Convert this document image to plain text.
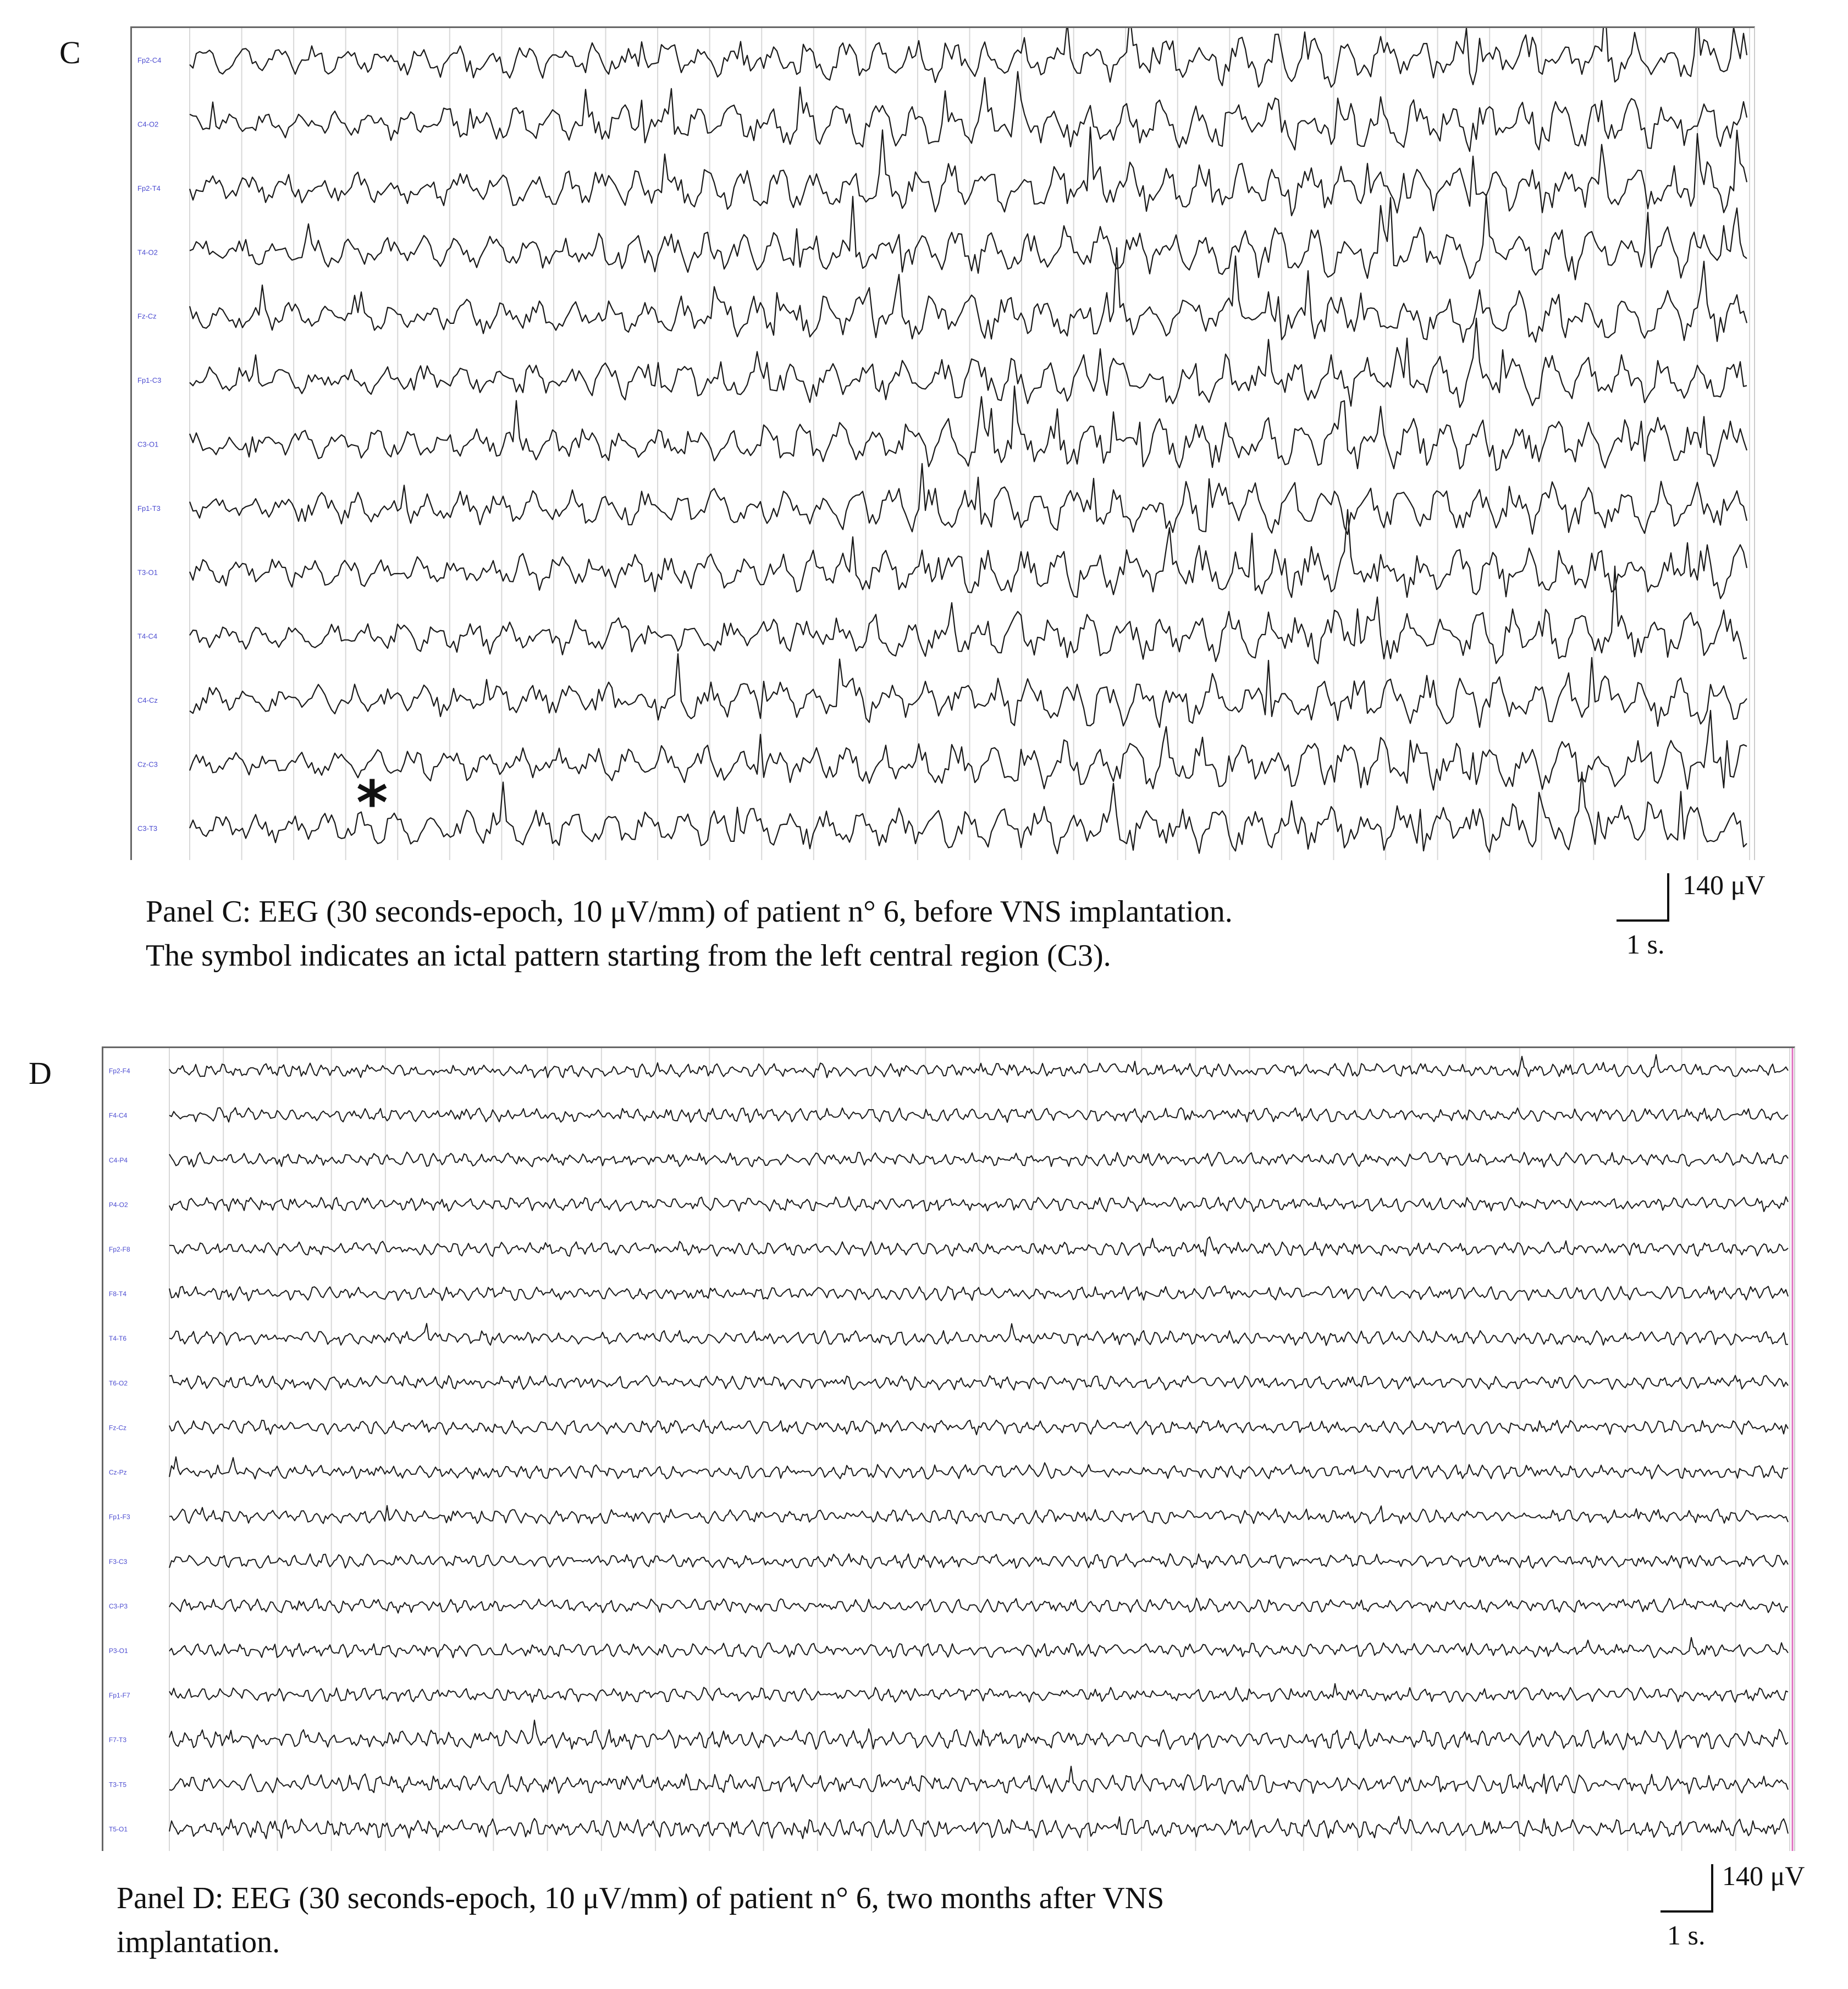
C	Fp2-C4
C4-O2
Fp2-T4
T4-O2
Fz-Cz
Fp1-C3
C3-O1
Fp1-T3
T3-O1
T4-C4
C4-Cz
Cz-C3
C3-T3	*
Panel C: EEG (30 seconds-epoch, 10 μV/mm) of patient n° 6, before VNS implantation.
The symbol indicates an ictal pattern starting from the left central region (C3).
140 μV
1 s.
D	Fp2-F4
F4-C4
C4-P4
P4-O2
Fp2-F8
F8-T4
T4-T6
T6-O2
Fz-Cz
Cz-Pz
Fp1-F3
F3-C3
C3-P3
P3-O1
Fp1-F7
F7-T3
T3-T5
T5-O1
Panel D: EEG (30 seconds-epoch, 10 μV/mm) of patient n° 6, two months after VNS
implantation.
140 μV
1 s.
